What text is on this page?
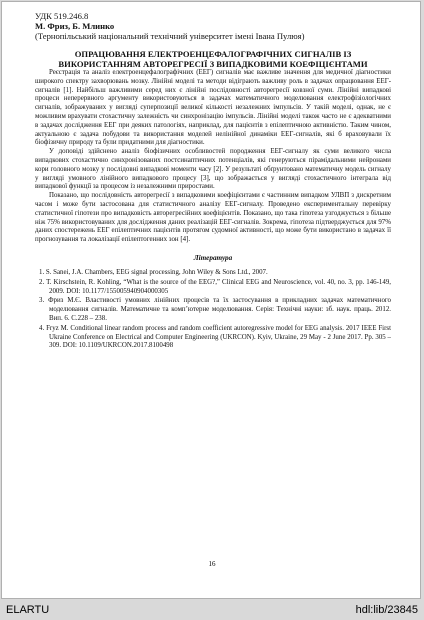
УДК 519.246.8
М. Фриз, Б. Млинко
(Тернопільський національний технічний університет імені Івана Пулюя)
ОПРАЦЮВАННЯ ЕЛЕКТРОЕНЦЕФАЛОГРАФІЧНИХ СИГНАЛІВ ІЗ ВИКОРИСТАННЯМ АВТОРЕГРЕСІЇ З ВИПАДКОВИМИ КОЕФІЦІЄНТАМИ

Реєстрація та аналіз електроенцефалографічних (ЕЕГ) сигналів має важливе значення для медичної діагностики широкого спектру захворювань мозку. Лінійні моделі та методи відіграють важливу роль в задачах опрацювання ЕЕГ-сигналів [1]. Найбільш важливими серед них є лінійні послідовності авторегресії ковзної суми. Лінійні випадкові процеси неперервного аргументу використовуються в задачах математичного моделювання електрофізіологічних сигналів, зображуваних у вигляді суперпозиції великої кількості незалежних імпульсів. У такій моделі, однак, не є можливим врахувати стохастичну залежність чи синхронізацію імпульсів. Лінійні моделі також часто не є адекватними в задачах дослідження ЕЕГ при деяких патологіях, наприклад, для пацієнтів з епілептичною активністю. Таким чином, актуальною є задача побудови та використання моделей нелінійної динаміки ЕЕГ-сигналів, які б враховували їх біофізичну природу та були придатними для діагностики.

У доповіді здійснено аналіз біофізичних особливостей породження ЕЕГ-сигналу як суми великого числа випадкових стохастично синхронізованих постсинаптичних потенціалів, які генеруються пірамідальними нейронами кори головного мозку у послідовні випадкові моменти часу [2]. У результаті обґрунтовано математичну модель сигналу у вигляді умовного лінійного випадкового процесу [3], що зображається у вигляді стохастичного інтеграла від випадкової функції за процесом із незалежними приростами.

Показано, що послідовність авторегресії з випадковими коефіцієнтами є частинним випадком УЛВП з дискретним часом і може бути застосована для статистичного аналізу ЕЕГ-сигналу. Проведено експериментальну перевірку статистичної гіпотези про випадковість авторегресійних коефіцієнтів. Показано, що така гіпотеза узгоджується з більше ніж 75% використовуваних для дослідження даних реалізацій ЕЕГ-сигналів. Зокрема, гіпотеза підтверджується для 97% даних спостережень ЕЕГ епілептичних пацієнтів протягом судомної активності, що може бути використано в задачах її прогнозування та локалізації епілептогенних зон [4].

Література
1. S. Sanei, J.A. Chambers, EEG signal processing, John Wiley & Sons Ltd., 2007.
2. T. Kirschstein, R. Kohling, “What is the source of the EEG?,” Clinical EEG and Neuroscience, vol. 40, no. 3, pp. 146-149, 2009. DOI: 10.1177/155005940904000305
3. Фриз М.Є. Властивості умовних лінійних процесів та їх застосування в прикладних задачах математичного моделювання сигналів. Математичне та комп’ютерне моделювання. Серія: Технічні науки: зб. наук. праць. 2012. Вип. 6. С.228 – 238.
4. Fryz M. Conditional linear random process and random coefficient autoregressive model for EEG analysis. 2017 IEEE First Ukraine Conference on Electrical and Computer Engineering (UKRCON). Kyiv, Ukraine, 29 May - 2 June 2017. Pp. 305 – 309. DOI: 10.1109/UKRCON.2017.8100498
16
ELARTU	hdl:lib/23845
